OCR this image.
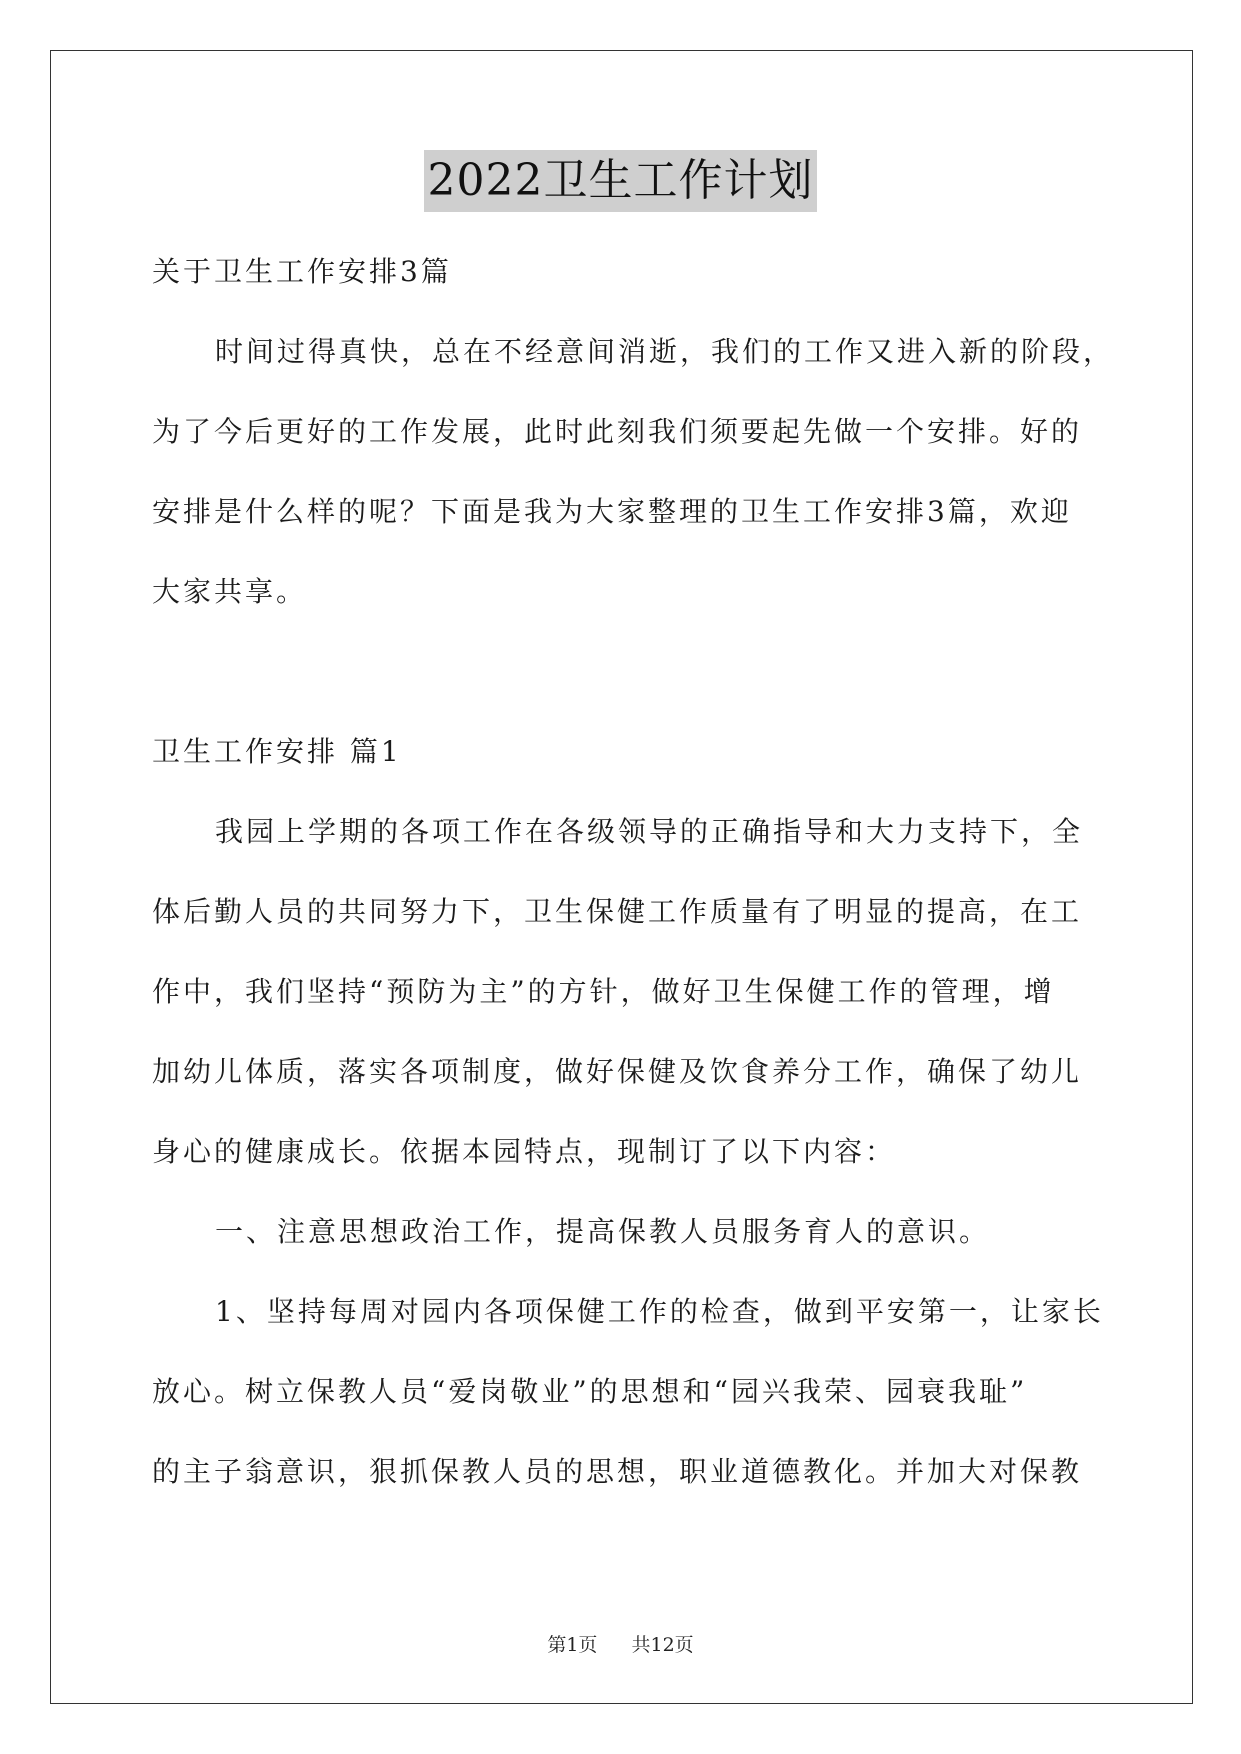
2022卫生工作计划
关于卫生工作安排3篇
时间过得真快，总在不经意间消逝，我们的工作又进入新的阶段，
为了今后更好的工作发展，此时此刻我们须要起先做一个安排。好的
安排是什么样的呢？下面是我为大家整理的卫生工作安排3篇，欢迎
大家共享。
卫生工作安排 篇1
我园上学期的各项工作在各级领导的正确指导和大力支持下，全
体后勤人员的共同努力下，卫生保健工作质量有了明显的提高，在工
作中，我们坚持“预防为主”的方针，做好卫生保健工作的管理，增
加幼儿体质，落实各项制度，做好保健及饮食养分工作，确保了幼儿
身心的健康成长。依据本园特点，现制订了以下内容：
一、注意思想政治工作，提高保教人员服务育人的意识。
1、坚持每周对园内各项保健工作的检查，做到平安第一，让家长
放心。树立保教人员“爱岗敬业”的思想和“园兴我荣、园衰我耻”
的主子翁意识，狠抓保教人员的思想，职业道德教化。并加大对保教
第1页 共12页
